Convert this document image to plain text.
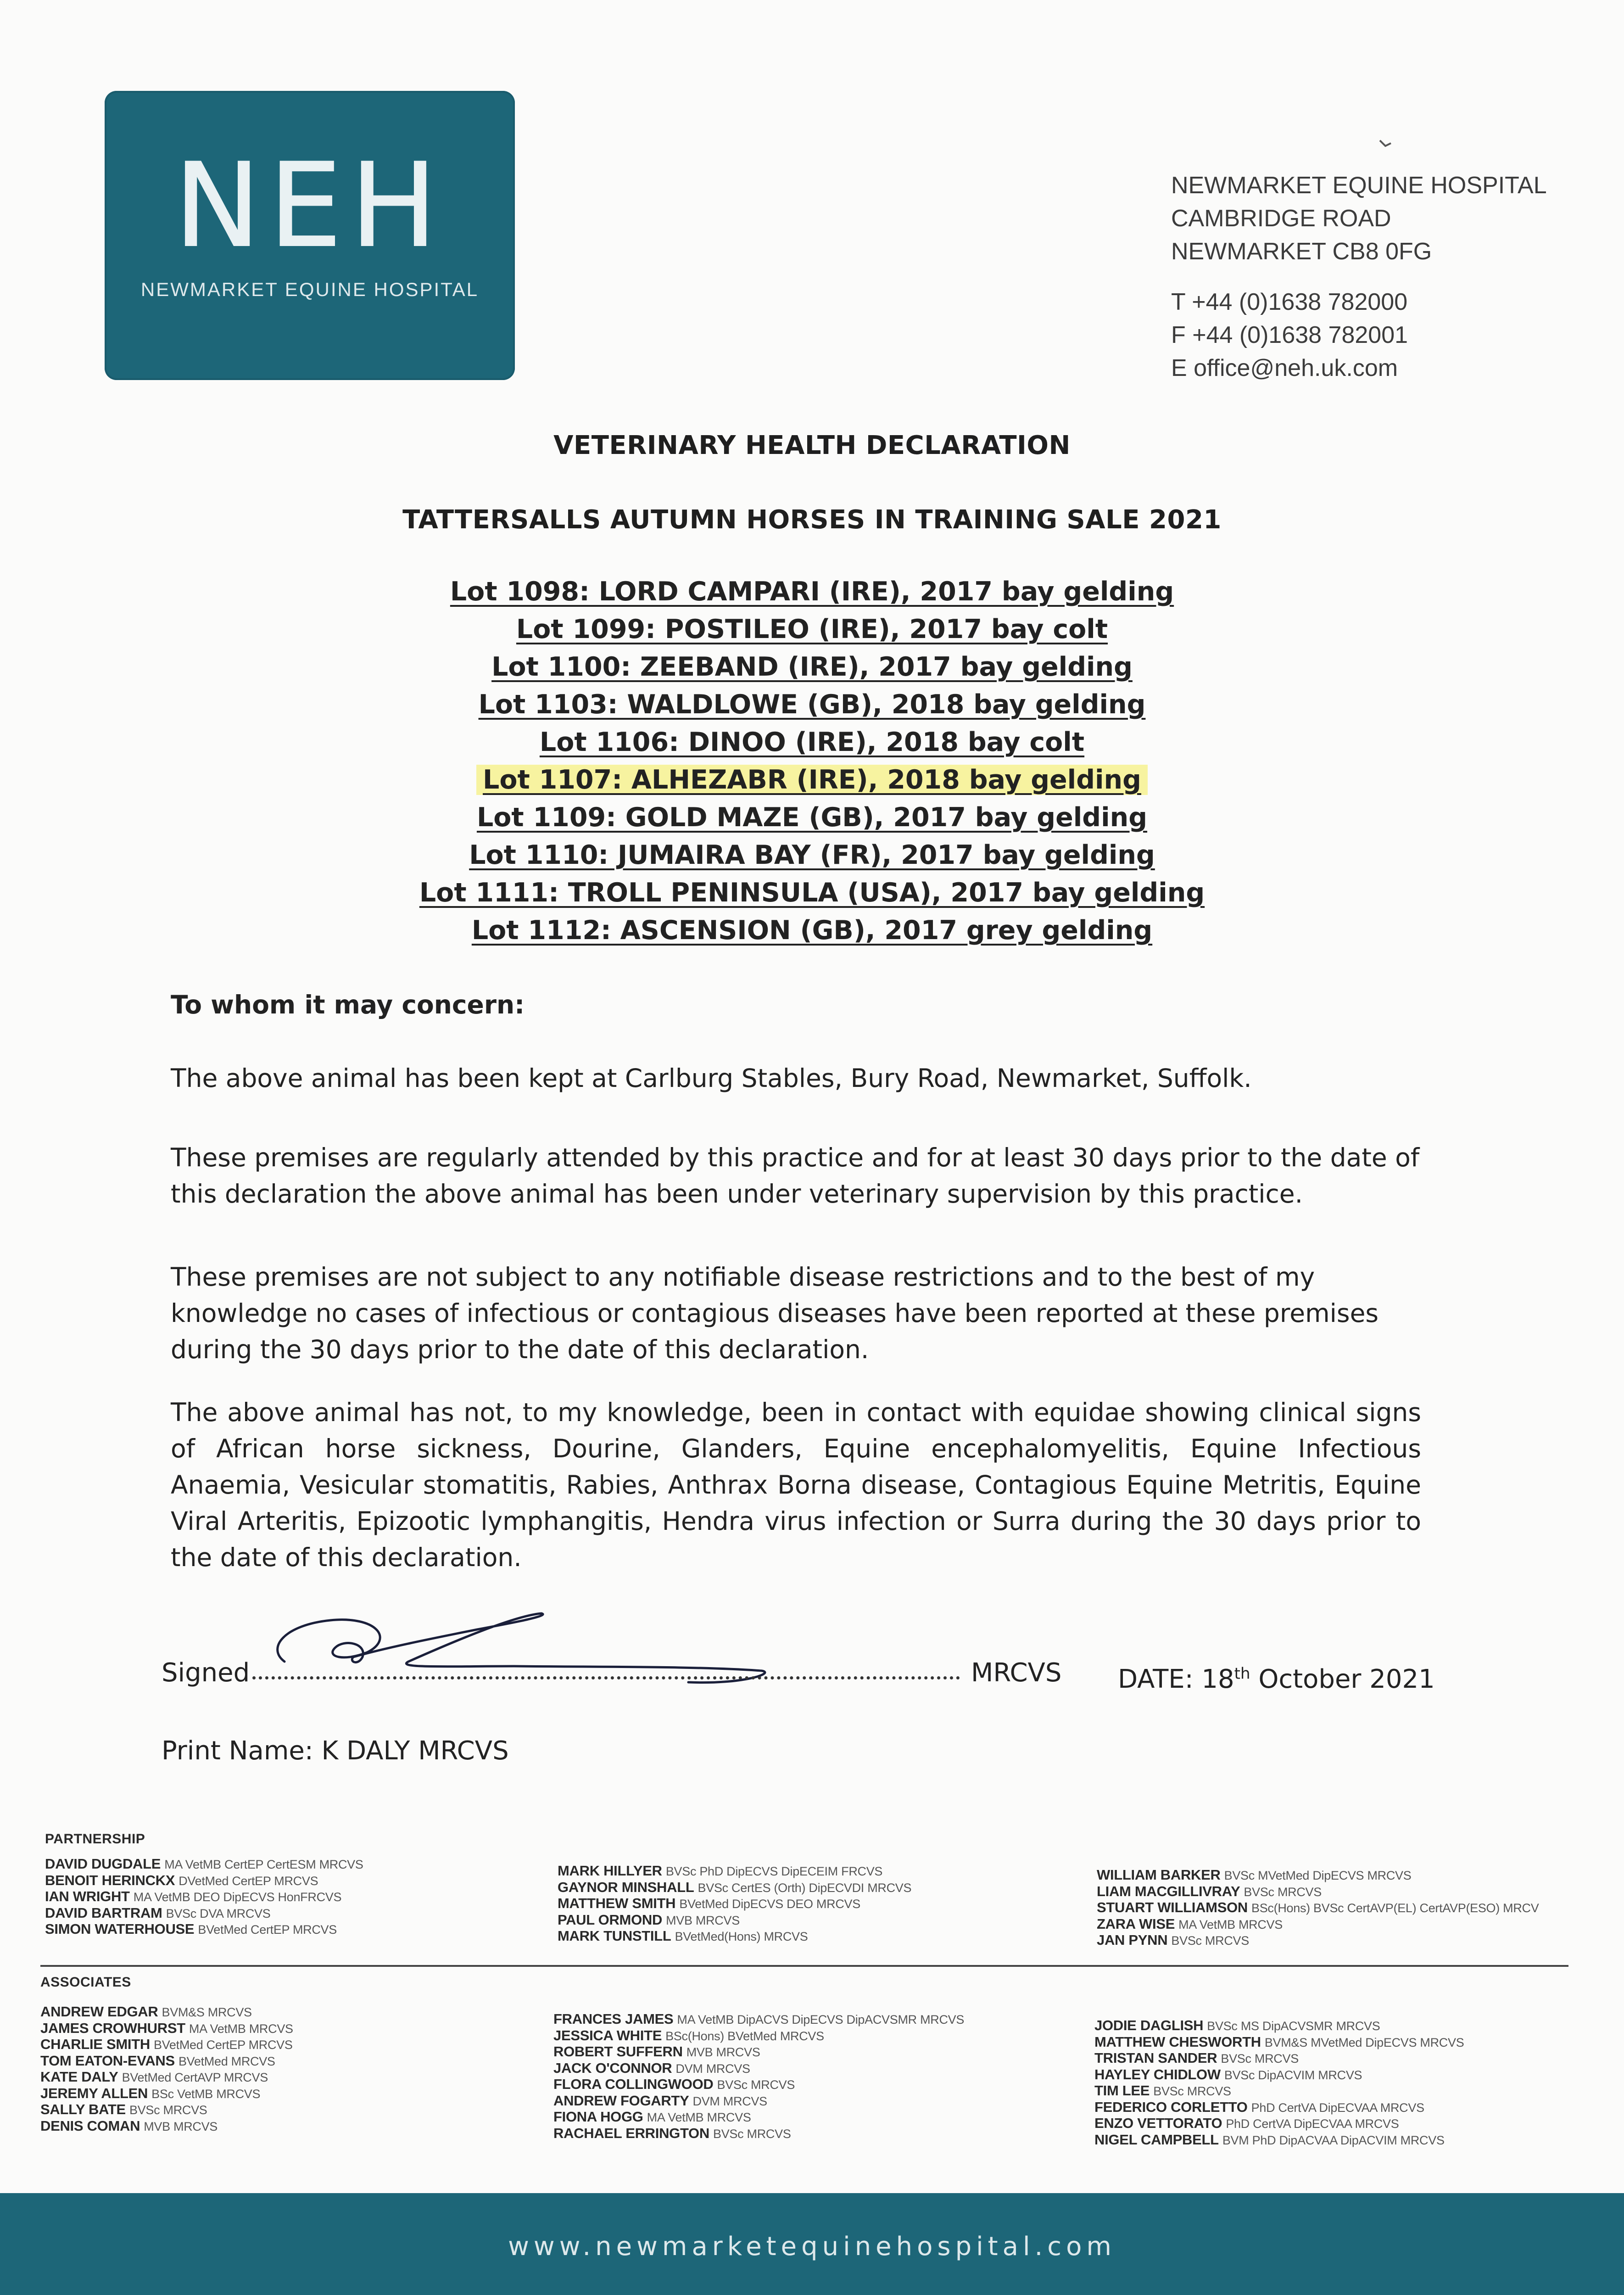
NEH
NEWMARKET EQUINE HOSPITAL
NEWMARKET EQUINE HOSPITAL
CAMBRIDGE ROAD
NEWMARKET CB8 0FG
T +44 (0)1638 782000
F +44 (0)1638 782001
E office@neh.uk.com
VETERINARY HEALTH DECLARATION
TATTERSALLS AUTUMN HORSES IN TRAINING SALE 2021
Lot 1098: LORD CAMPARI (IRE), 2017 bay gelding
Lot 1099: POSTILEO (IRE), 2017 bay colt
Lot 1100: ZEEBAND (IRE), 2017 bay gelding
Lot 1103: WALDLOWE (GB), 2018 bay gelding
Lot 1106: DINOO (IRE), 2018 bay colt
Lot 1107: ALHEZABR (IRE), 2018 bay gelding
Lot 1109: GOLD MAZE (GB), 2017 bay gelding
Lot 1110: JUMAIRA BAY (FR), 2017 bay gelding
Lot 1111: TROLL PENINSULA (USA), 2017 bay gelding
Lot 1112: ASCENSION (GB), 2017 grey gelding
To whom it may concern:
The above animal has been kept at Carlburg Stables, Bury Road, Newmarket, Suffolk.
These premises are regularly attended by this practice and for at least 30 days prior to the date of this declaration the above animal has been under veterinary supervision by this practice.
These premises are not subject to any notifiable disease restrictions and to the best of my knowledge no cases of infectious or contagious diseases have been reported at these premises during the 30 days prior to the date of this declaration.
The above animal has not, to my knowledge, been in contact with equidae showing clinical signs of African horse sickness, Dourine, Glanders, Equine encephalomyelitis, Equine Infectious Anaemia, Vesicular stomatitis, Rabies, Anthrax Borna disease, Contagious Equine Metritis, Equine Viral Arteritis, Epizootic lymphangitis, Hendra virus infection or Surra during the 30 days prior to the date of this declaration.
Signed	MRCVS DATE: 18th October 2021
Print Name: K DALY MRCVS
PARTNERSHIP
DAVID DUGDALE MA VetMB CertEP CertESM MRCVS
BENOIT HERINCKX DVetMed CertEP MRCVS
IAN WRIGHT MA VetMB DEO DipECVS HonFRCVS
DAVID BARTRAM BVSc DVA MRCVS
SIMON WATERHOUSE BVetMed CertEP MRCVS
MARK HILLYER BVSc PhD DipECVS DipECEIM FRCVS
GAYNOR MINSHALL BVSc CertES (Orth) DipECVDI MRCVS
MATTHEW SMITH BVetMed DipECVS DEO MRCVS
PAUL ORMOND MVB MRCVS
MARK TUNSTILL BVetMed(Hons) MRCVS
WILLIAM BARKER BVSc MVetMed DipECVS MRCVS
LIAM MACGILLIVRAY BVSc MRCVS
STUART WILLIAMSON BSc(Hons) BVSc CertAVP(EL) CertAVP(ESO) MRCV
ZARA WISE MA VetMB MRCVS
JAN PYNN BVSc MRCVS
ASSOCIATES
ANDREW EDGAR BVM&S MRCVS
JAMES CROWHURST MA VetMB MRCVS
CHARLIE SMITH BVetMed CertEP MRCVS
TOM EATON-EVANS BVetMed MRCVS
KATE DALY BVetMed CertAVP MRCVS
JEREMY ALLEN BSc VetMB MRCVS
SALLY BATE BVSc MRCVS
DENIS COMAN MVB MRCVS
FRANCES JAMES MA VetMB DipACVS DipECVS DipACVSMR MRCVS
JESSICA WHITE BSc(Hons) BVetMed MRCVS
ROBERT SUFFERN MVB MRCVS
JACK O'CONNOR DVM MRCVS
FLORA COLLINGWOOD BVSc MRCVS
ANDREW FOGARTY DVM MRCVS
FIONA HOGG MA VetMB MRCVS
RACHAEL ERRINGTON BVSc MRCVS
JODIE DAGLISH BVSc MS DipACVSMR MRCVS
MATTHEW CHESWORTH BVM&S MVetMed DipECVS MRCVS
TRISTAN SANDER BVSc MRCVS
HAYLEY CHIDLOW BVSc DipACVIM MRCVS
TIM LEE BVSc MRCVS
FEDERICO CORLETTO PhD CertVA DipECVAA MRCVS
ENZO VETTORATO PhD CertVA DipECVAA MRCVS
NIGEL CAMPBELL BVM PhD DipACVAA DipACVIM MRCVS
www.newmarketequinehospital.com
